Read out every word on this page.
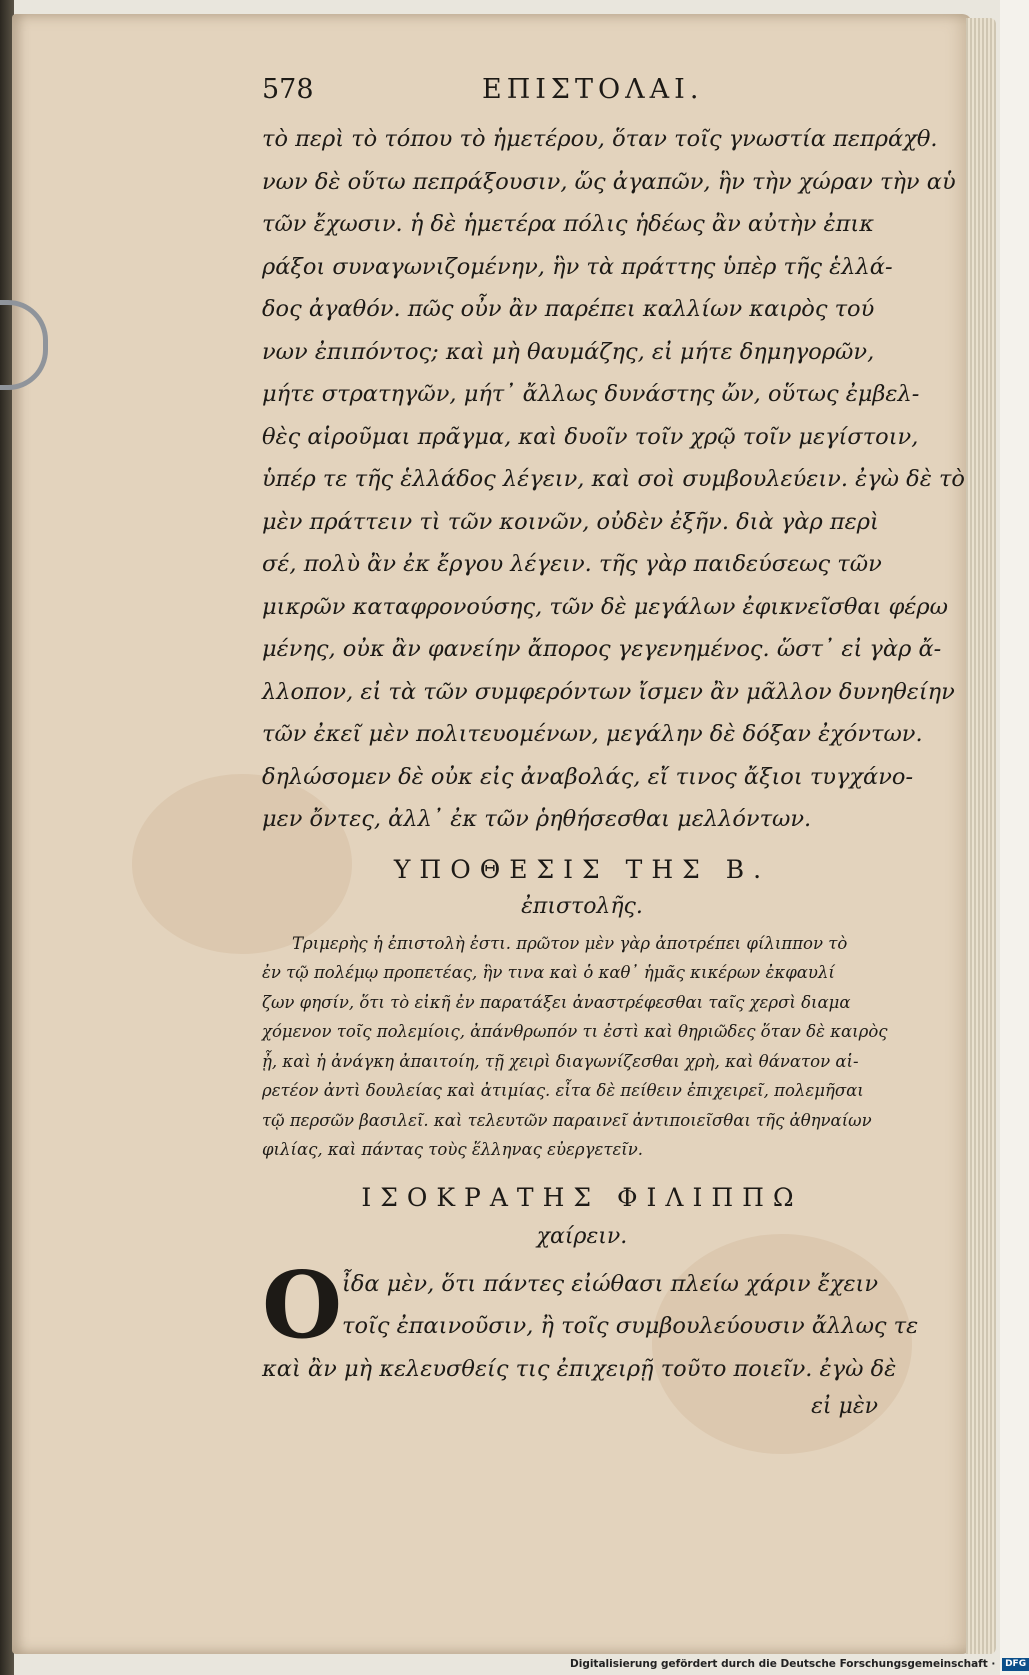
578	ΕΠΙΣΤΟΛΑΙ.
τὸ περὶ τὸ τόπου τὸ ἡμετέρου, ὅταν τοῖς γνωστία πεπράχθ.
νων δὲ οὕτω πεπράξουσιν, ὥς ἀγαπῶν, ἣν τὴν χώραν τὴν αὑ
τῶν ἔχωσιν. ἡ δὲ ἡμετέρα πόλις ἡδέως ἂν αὐτὴν ἐπικ
ράξοι συναγωνιζομένην, ἣν τὰ πράττης ὑπὲρ τῆς ἑλλά-
δος ἀγαθόν. πῶς οὖν ἂν παρέπει καλλίων καιρὸς τού
νων ἐπιπόντος; καὶ μὴ θαυμάζης, εἰ μήτε δημηγορῶν,
μήτε στρατηγῶν, μήτ᾽ ἄλλως δυνάστης ὤν, οὕτως ἐμβελ-
θὲς αἱροῦμαι πρᾶγμα, καὶ δυοῖν τοῖν χρῷ τοῖν μεγίστοιν,
ὑπέρ τε τῆς ἑλλάδος λέγειν, καὶ σοὶ συμβουλεύειν. ἐγὼ δὲ τὸ
μὲν πράττειν τὶ τῶν κοινῶν, οὐδὲν ἐξῆν. διὰ γὰρ περὶ
σέ, πολὺ ἂν ἐκ ἔργου λέγειν. τῆς γὰρ παιδεύσεως τῶν
μικρῶν καταφρονούσης, τῶν δὲ μεγάλων ἐφικνεῖσθαι φέρω
μένης, οὐκ ἂν φανείην ἄπορος γεγενημένος. ὥστ᾽ εἰ γὰρ ἄ-
λλοπον, εἰ τὰ τῶν συμφερόντων ἴσμεν ἂν μᾶλλον δυνηθείην
τῶν ἐκεῖ μὲν πολιτευομένων, μεγάλην δὲ δόξαν ἐχόντων.
δηλώσομεν δὲ οὐκ εἰς ἀναβολάς, εἴ τινος ἄξιοι τυγχάνο-
μεν ὄντες, ἀλλ᾽ ἐκ τῶν ῥηθήσεσθαι μελλόντων.
ΥΠΟΘΕΣΙΣ ΤΗΣ Β.
ἐπιστολῆς.
Τριμερὴς ἡ ἐπιστολὴ ἐστι. πρῶτον μὲν γὰρ ἀποτρέπει φίλιππον τὸ
ἐν τῷ πολέμῳ προπετέας, ἣν τινα καὶ ὁ καθ᾽ ἡμᾶς κικέρων ἐκφαυλί
ζων φησίν, ὅτι τὸ εἰκῆ ἐν παρατάξει ἀναστρέφεσθαι ταῖς χερσὶ διαμα
χόμενον τοῖς πολεμίοις, ἀπάνθρωπόν τι ἐστὶ καὶ θηριῶδες ὅταν δὲ καιρὸς
ᾖ, καὶ ἡ ἀνάγκη ἀπαιτοίη, τῇ χειρὶ διαγωνίζεσθαι χρὴ, καὶ θάνατον αἱ-
ρετέον ἀντὶ δουλείας καὶ ἀτιμίας. εἶτα δὲ πείθειν ἐπιχειρεῖ, πολεμῆσαι
τῷ περσῶν βασιλεῖ. καὶ τελευτῶν παραινεῖ ἀντιποιεῖσθαι τῆς ἀθηναίων
φιλίας, καὶ πάντας τοὺς ἕλληνας εὐεργετεῖν.
ΙΣΟΚΡΑΤΗΣ ΦΙΛΙΠΠΩ
χαίρειν.
O ἶδα μὲν, ὅτι πάντες εἰώθασι πλείω χάριν ἔχειν
τοῖς ἐπαινοῦσιν, ἢ τοῖς συμβουλεύουσιν ἄλλως τε
καὶ ἂν μὴ κελευσθείς τις ἐπιχειρῇ τοῦτο ποιεῖν. ἐγὼ δὲ
εἰ μὲν
Digitalisierung gefördert durch die Deutsche Forschungsgemeinschaft · DFG
